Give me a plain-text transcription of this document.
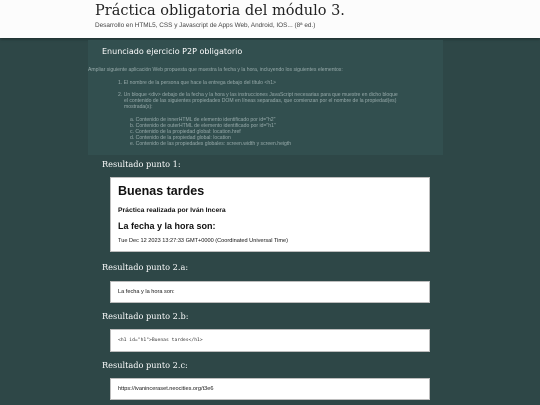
Práctica obligatoria del módulo 3.
Desarrollo en HTML5, CSS y Javascript de Apps Web, Android, IOS... (8ª ed.)
Enunciado ejercicio P2P obligatorio
Ampliar siguiente aplicación Web propuesta que muestra la fecha y la hora, incluyendo los siguientes elementos:
1. El nombre de la persona que hace la entrega debajo del título <h1>
2. Un bloque <div> debajo de la fecha y la hora y las instrucciones JavaScript necesarias para que muestre en dicho bloque
el contenido de las siguientes propiedades DOM en líneas separadas, que comienzan por el nombre de la propiedad(es)
mostrada(s):
a. Contenido de innerHTML de elemento identificado por id="h2"
b. Contenido de outerHTML de elemento identificado por id="h1"
c. Contenido de la propiedad global: location.href
d. Contenido de la propiedad global: location
e. Contenido de las propiedades globales: screen.width y screen.heigth
Resultado punto 1:
Buenas tardes
Práctica realizada por Iván Incera
La fecha y la hora son:
Tue Dec 12 2023 13:27:33 GMT+0000 (Coordinated Universal Time)
Resultado punto 2.a:
La fecha y la hora son:
Resultado punto 2.b:
<h1 id="h1">Buenas tardes</h1>
Resultado punto 2.c:
https://ivaninceraset.neocities.org/t3e6
